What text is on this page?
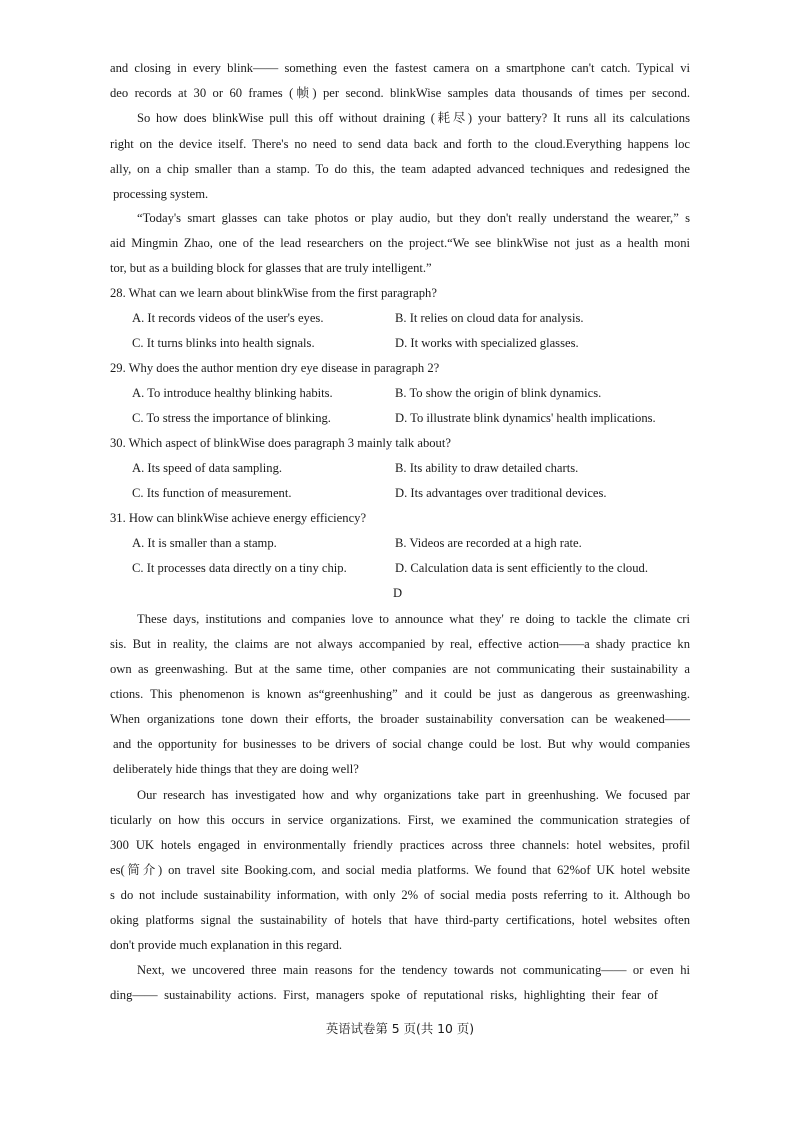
and closing in every blink—— something even the fastest camera on a smartphone can't catch. Typical vi
deo records at 30 or 60 frames (帧) per second. blinkWise samples data thousands of times per second.
So how does blinkWise pull this off without draining (耗尽) your battery? It runs all its calculations
right on the device itself. There's no need to send data back and forth to the cloud.Everything happens loc
ally, on a chip smaller than a stamp. To do this, the team adapted advanced techniques and redesigned the
processing system.
“Today's smart glasses can take photos or play audio, but they don't really understand the wearer,” s
aid Mingmin Zhao, one of the lead researchers on the project.“We see blinkWise not just as a health moni
tor, but as a building block for glasses that are truly intelligent.”
28. What can we learn about blinkWise from the first paragraph?
A. It records videos of the user's eyes.	B. It relies on cloud data for analysis.
C. It turns blinks into health signals.	D. It works with specialized glasses.
29. Why does the author mention dry eye disease in paragraph 2?
A. To introduce healthy blinking habits.	B. To show the origin of blink dynamics.
C. To stress the importance of blinking.	D. To illustrate blink dynamics' health implications.
30. Which aspect of blinkWise does paragraph 3 mainly talk about?
A. Its speed of data sampling.	B. Its ability to draw detailed charts.
C. Its function of measurement.	D. Its advantages over traditional devices.
31. How can blinkWise achieve energy efficiency?
A. It is smaller than a stamp.	B. Videos are recorded at a high rate.
C. It processes data directly on a tiny chip.	D. Calculation data is sent efficiently to the cloud.
D
These days, institutions and companies love to announce what they' re doing to tackle the climate cri
sis. But in reality, the claims are not always accompanied by real, effective action——a shady practice kn
own as greenwashing. But at the same time, other companies are not communicating their sustainability a
ctions. This phenomenon is known as“greenhushing” and it could be just as dangerous as greenwashing.
When organizations tone down their efforts, the broader sustainability conversation can be weakened——
and the opportunity for businesses to be drivers of social change could be lost. But why would companies
deliberately hide things that they are doing well?
Our research has investigated how and why organizations take part in greenhushing. We focused par
ticularly on how this occurs in service organizations. First, we examined the communication strategies of
300 UK hotels engaged in environmentally friendly practices across three channels: hotel websites, profil
es(简介) on travel site Booking.com, and social media platforms. We found that 62%of UK hotel website
s do not include sustainability information, with only 2% of social media posts referring to it. Although bo
oking platforms signal the sustainability of hotels that have third-party certifications, hotel websites often
don't provide much explanation in this regard.
Next, we uncovered three main reasons for the tendency towards not communicating—— or even hi
ding—— sustainability actions. First, managers spoke of reputational risks, highlighting their fear of
英语试卷第 5 页(共 10 页)
